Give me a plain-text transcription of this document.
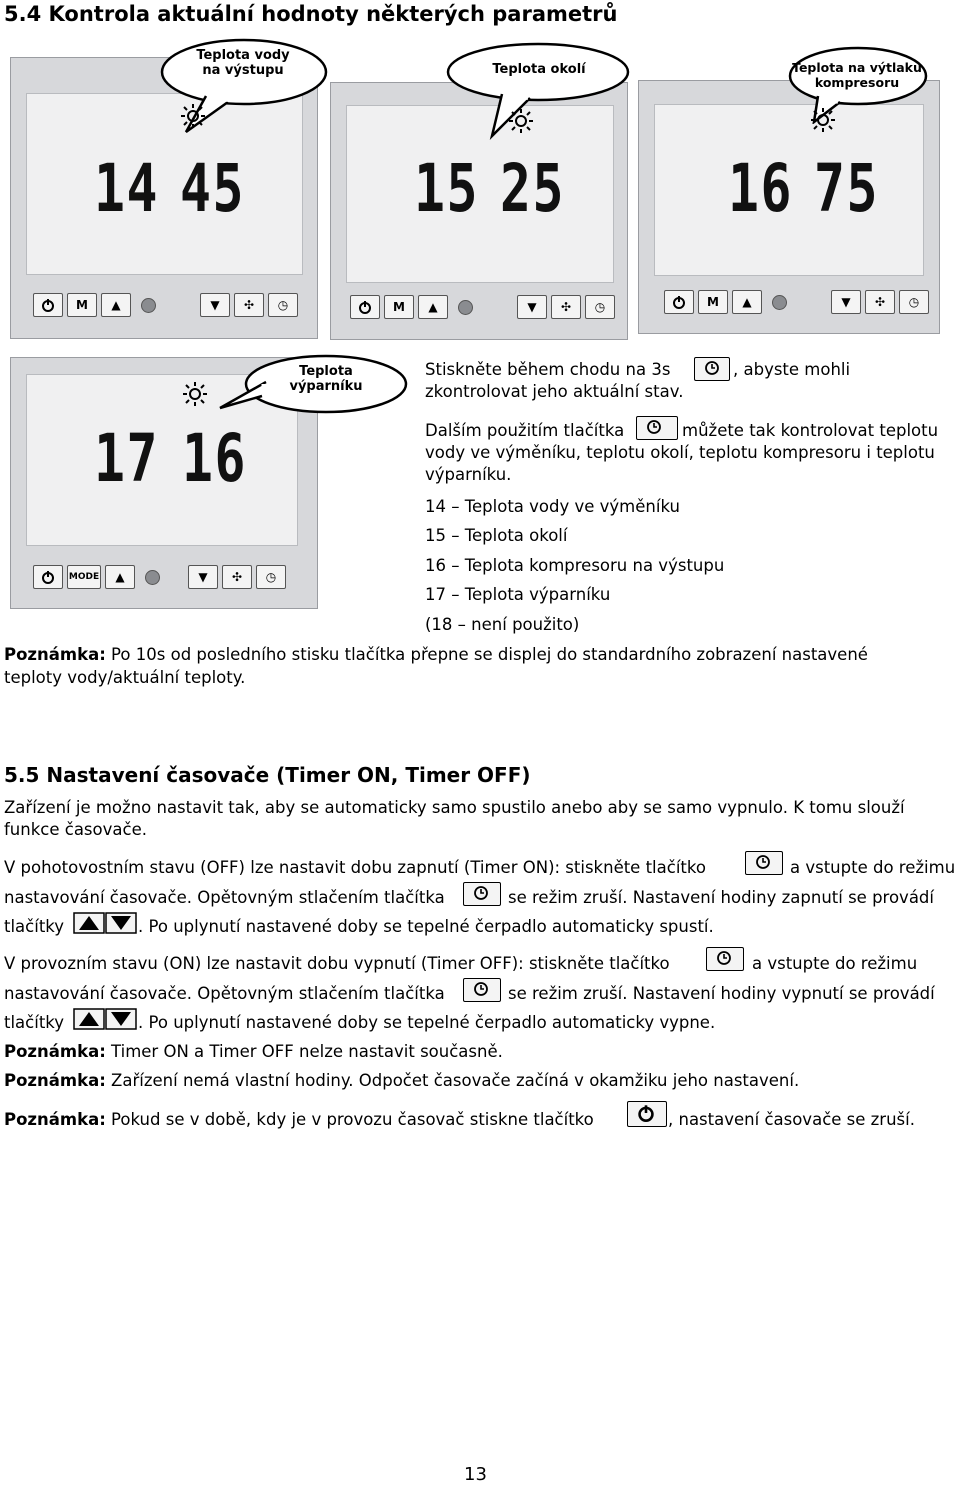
5.4 Kontrola aktuální hodnoty některých parametrů
Teplota vody
na výstupu
14 45
M	▲	▼	✣	◷
Teplota okolí
15 25
M	▲	▼	✣	◷
Teplota na výtlaku
kompresoru
16 75
M	▲	▼	✣	◷
Teplota
výparníku
17 16
MODE	▲	▼	✣	◷
Stiskněte během chodu na 3s	, abyste mohli
zkontrolovat jeho aktuální stav.
Dalším použitím tlačítka	můžete tak kontrolovat teplotu
vody ve výměníku, teplotu okolí, teplotu kompresoru i teplotu
výparníku.
14 – Teplota vody ve výměníku
15 – Teplota okolí
16 – Teplota kompresoru na výstupu
17 – Teplota výparníku
(18 – není použito)
Poznámka: Po 10s od posledního stisku tlačítka přepne se displej do standardního zobrazení nastavené
teploty vody/aktuální teploty.
5.5 Nastavení časovače (Timer ON, Timer OFF)
Zařízení je možno nastavit tak, aby se automaticky samo spustilo anebo aby se samo vypnulo. K tomu slouží
funkce časovače.
V pohotovostním stavu (OFF) lze nastavit dobu zapnutí (Timer ON): stiskněte tlačítko	a vstupte do režimu
nastavování časovače. Opětovným stlačením tlačítka	se režim zruší. Nastavení hodiny zapnutí se provádí
tlačítky	. Po uplynutí nastavené doby se tepelné čerpadlo automaticky spustí.
V provozním stavu (ON) lze nastavit dobu vypnutí (Timer OFF): stiskněte tlačítko	a vstupte do režimu
nastavování časovače. Opětovným stlačením tlačítka	se režim zruší. Nastavení hodiny vypnutí se provádí
tlačítky	. Po uplynutí nastavené doby se tepelné čerpadlo automaticky vypne.
Poznámka: Timer ON a Timer OFF nelze nastavit současně.
Poznámka: Zařízení nemá vlastní hodiny. Odpočet časovače začíná v okamžiku jeho nastavení.
Poznámka: Pokud se v době, kdy je v provozu časovač stiskne tlačítko	, nastavení časovače se zruší.
13
